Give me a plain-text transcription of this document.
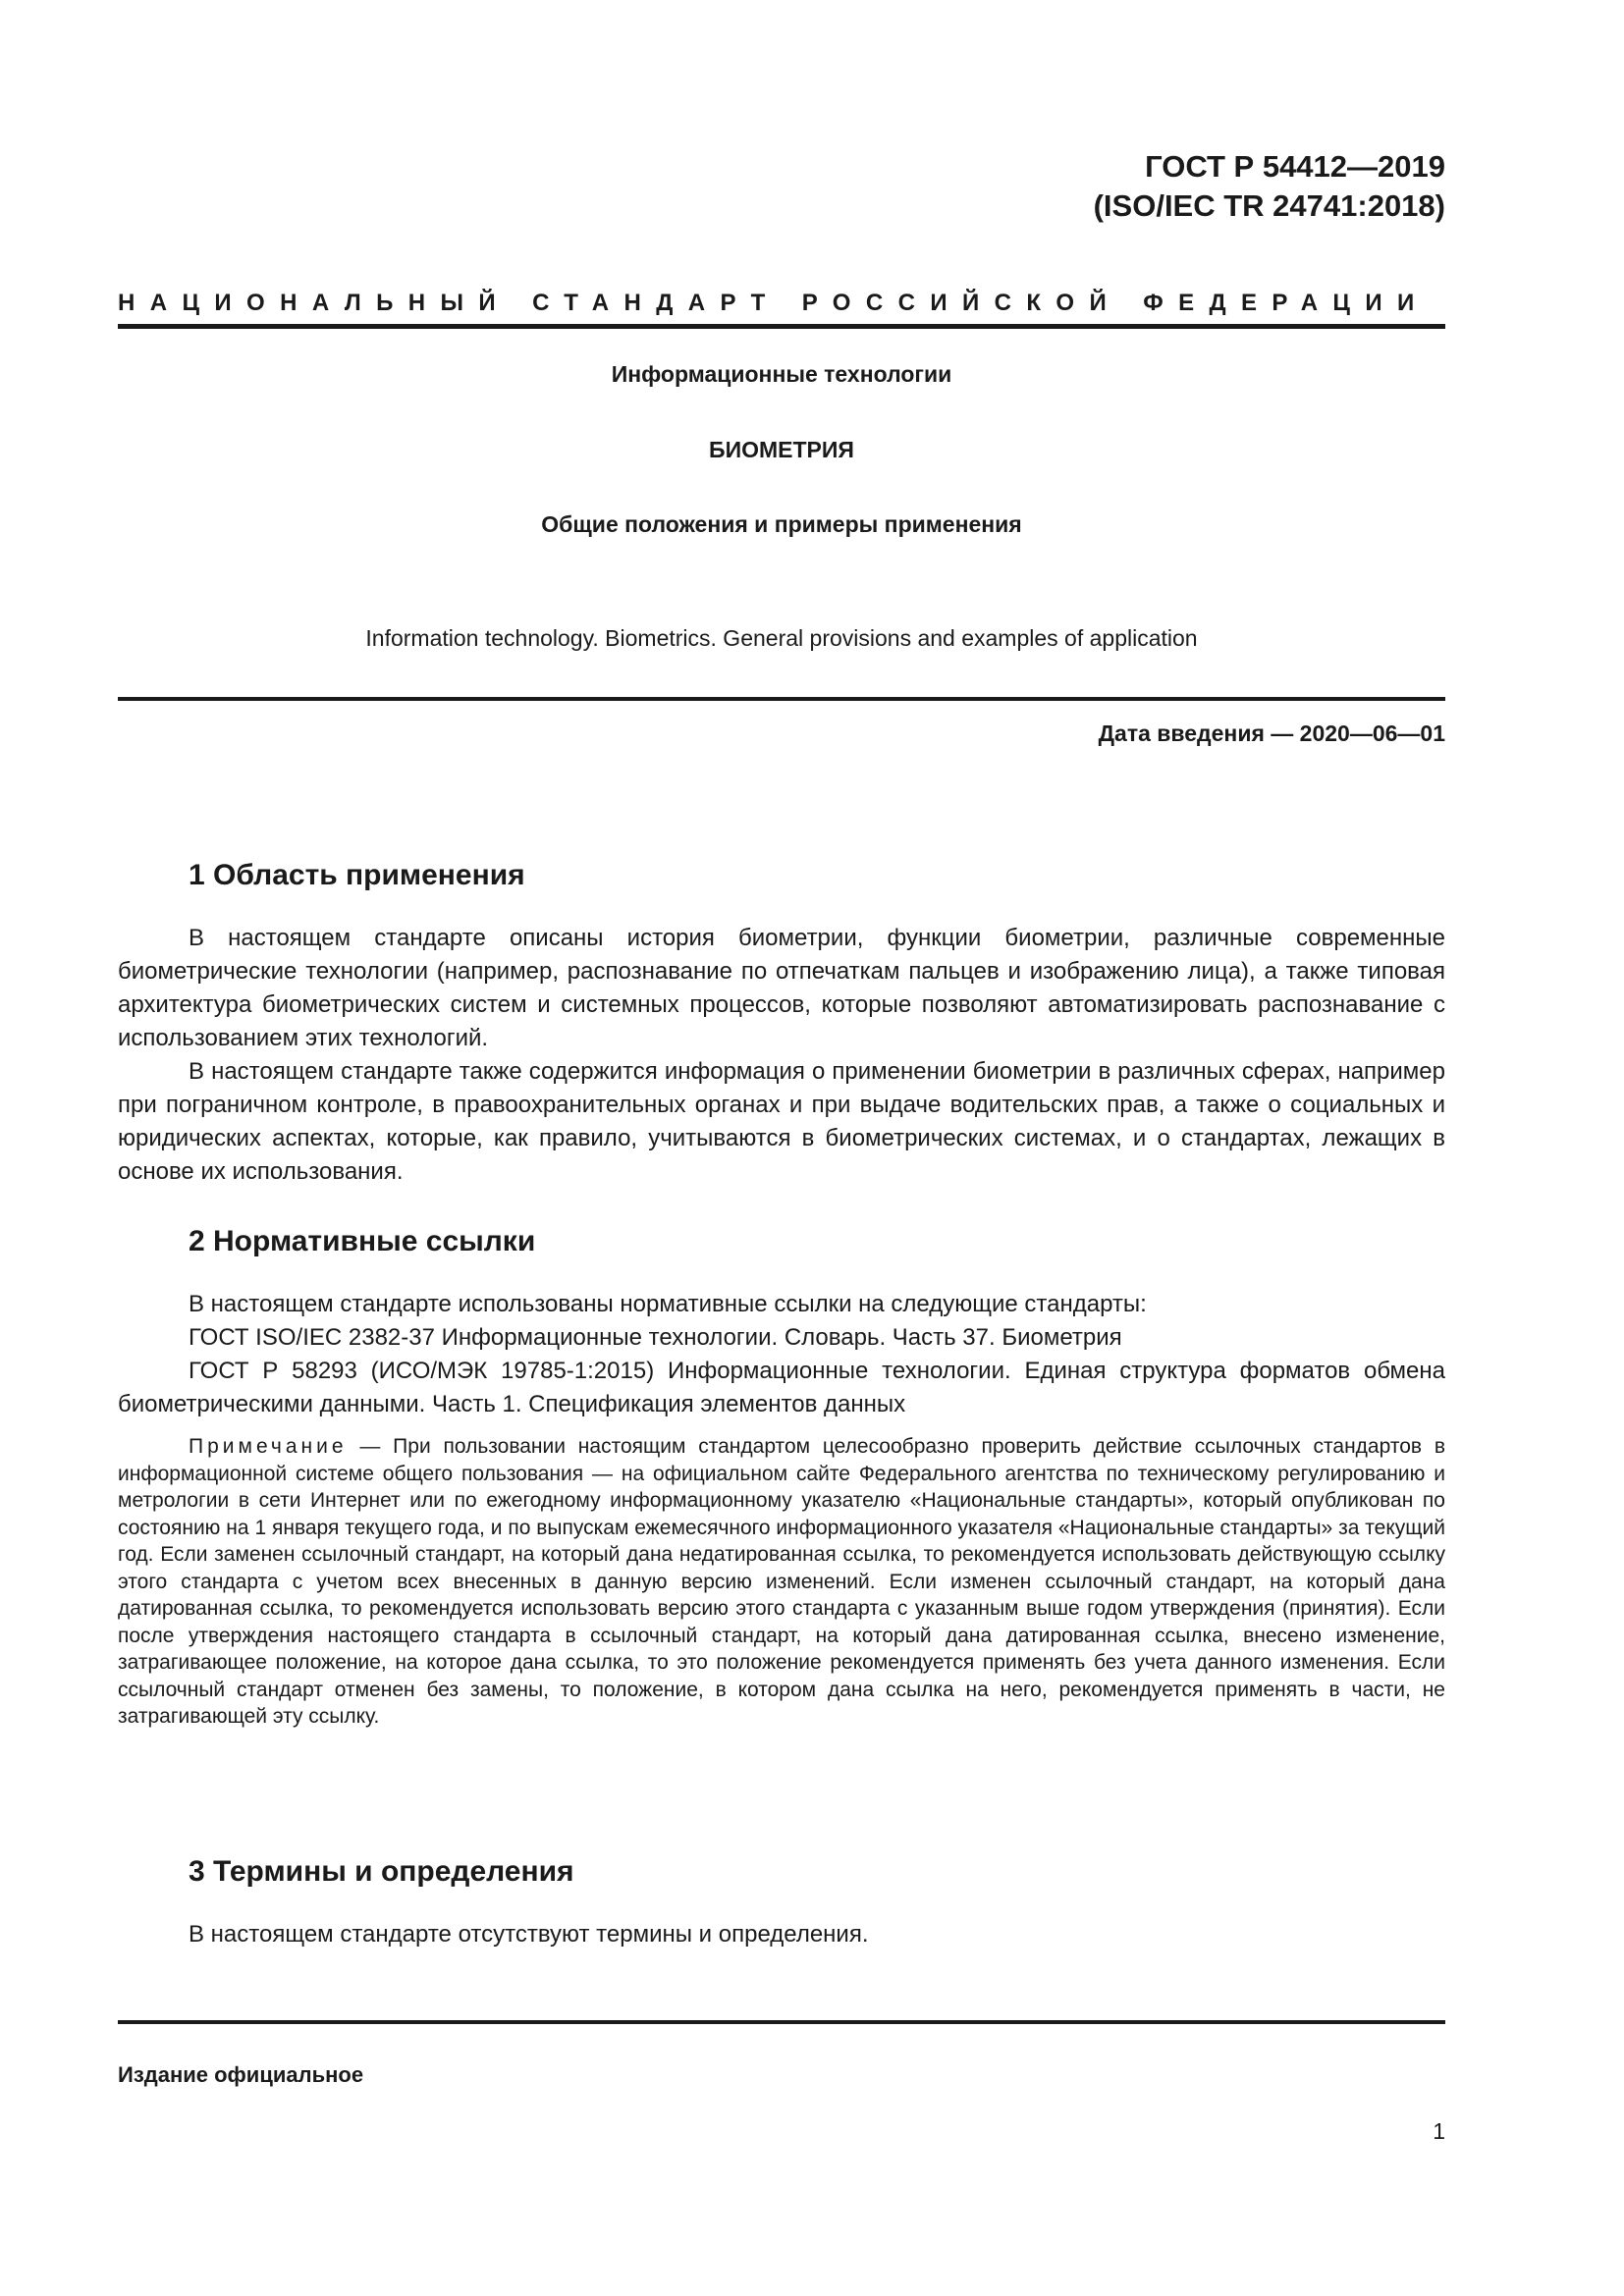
ГОСТ Р 54412—2019
(ISO/IEC TR 24741:2018)
НАЦИОНАЛЬНЫЙ СТАНДАРТ РОССИЙСКОЙ ФЕДЕРАЦИИ
Информационные технологии
БИОМЕТРИЯ
Общие положения и примеры применения
Information technology. Biometrics. General provisions and examples of application
Дата введения — 2020—06—01
1 Область применения

В настоящем стандарте описаны история биометрии, функции биометрии, различные современные биометрические технологии (например, распознавание по отпечаткам пальцев и изображению лица), а также типовая архитектура биометрических систем и системных процессов, которые позволяют автоматизировать распознавание с использованием этих технологий.

В настоящем стандарте также содержится информация о применении биометрии в различных сферах, например при пограничном контроле, в правоохранительных органах и при выдаче водительских прав, а также о социальных и юридических аспектах, которые, как правило, учитываются в биометрических системах, и о стандартах, лежащих в основе их использования.

2 Нормативные ссылки

В настоящем стандарте использованы нормативные ссылки на следующие стандарты:

ГОСТ ISO/IEC 2382-37 Информационные технологии. Словарь. Часть 37. Биометрия

ГОСТ Р 58293 (ИСО/МЭК 19785-1:2015) Информационные технологии. Единая структура форматов обмена биометрическими данными. Часть 1. Спецификация элементов данных

Примечание — При пользовании настоящим стандартом целесообразно проверить действие ссылочных стандартов в информационной системе общего пользования — на официальном сайте Федерального агентства по техническому регулированию и метрологии в сети Интернет или по ежегодному информационному указателю «Национальные стандарты», который опубликован по состоянию на 1 января текущего года, и по выпускам ежемесячного информационного указателя «Национальные стандарты» за текущий год. Если заменен ссылочный стандарт, на который дана недатированная ссылка, то рекомендуется использовать действующую ссылку этого стандарта с учетом всех внесенных в данную версию изменений. Если изменен ссылочный стандарт, на который дана датированная ссылка, то рекомендуется использовать версию этого стандарта с указанным выше годом утверждения (принятия). Если после утверждения настоящего стандарта в ссылочный стандарт, на который дана датированная ссылка, внесено изменение, затрагивающее положение, на которое дана ссылка, то это положение рекомендуется применять без учета данного изменения. Если ссылочный стандарт отменен без замены, то положение, в котором дана ссылка на него, рекомендуется применять в части, не затрагивающей эту ссылку.

3 Термины и определения

В настоящем стандарте отсутствуют термины и определения.

Издание официальное
1
